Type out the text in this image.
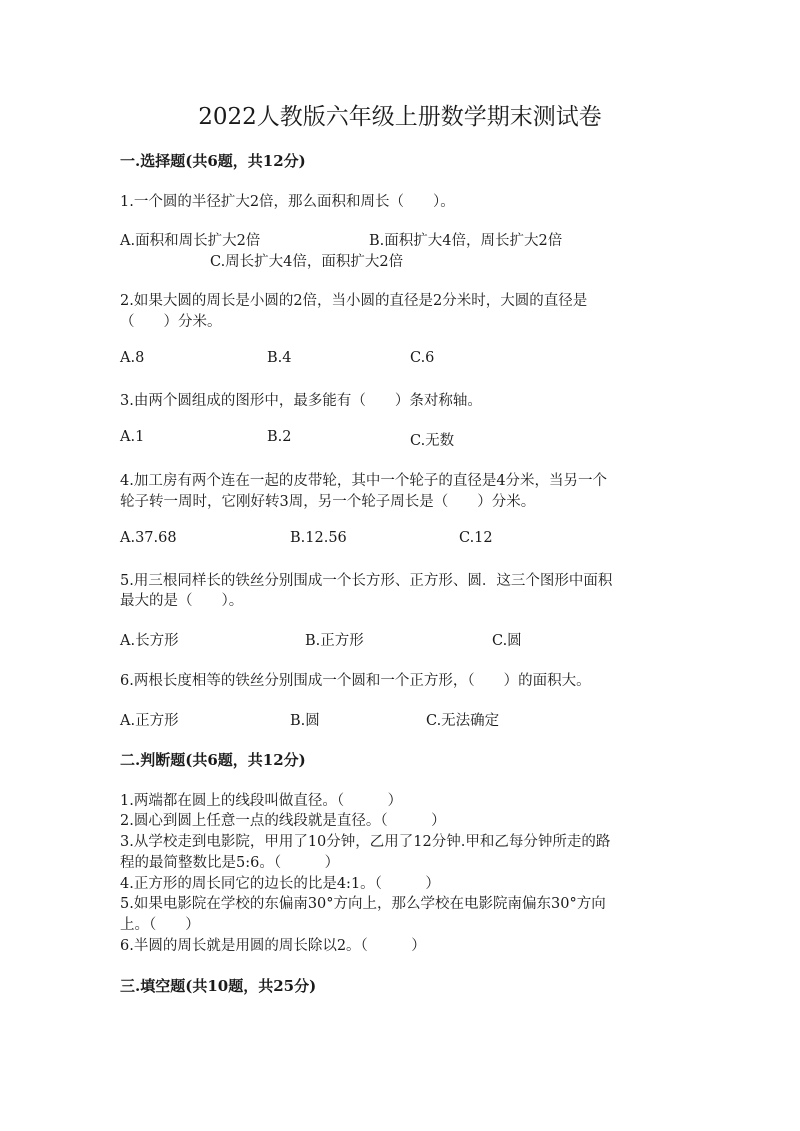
2022人教版六年级上册数学期末测试卷
一.选择题(共6题，共12分)
1.一个圆的半径扩大2倍，那么面积和周长（　　）。
A.面积和周长扩大2倍	B.面积扩大4倍，周长扩大2倍
C.周长扩大4倍，面积扩大2倍
2.如果大圆的周长是小圆的2倍，当小圆的直径是2分米时，大圆的直径是
（　　）分米。
A.8	B.4	C.6
3.由两个圆组成的图形中，最多能有（　　）条对称轴。
A.1	B.2	C.无数
4.加工房有两个连在一起的皮带轮，其中一个轮子的直径是4分米，当另一个
轮子转一周时，它刚好转3周，另一个轮子周长是（　　）分米。
A.37.68	B.12.56	C.12
5.用三根同样长的铁丝分别围成一个长方形、正方形、圆．这三个图形中面积
最大的是（　　）。
A.长方形	B.正方形	C.圆
6.两根长度相等的铁丝分别围成一个圆和一个正方形，（　　）的面积大。
A.正方形	B.圆	C.无法确定
二.判断题(共6题，共12分)
1.两端都在圆上的线段叫做直径。（　　　）
2.圆心到圆上任意一点的线段就是直径。（　　　）
3.从学校走到电影院，甲用了10分钟，乙用了12分钟.甲和乙每分钟所走的路
程的最简整数比是5:6。（　　　）
4.正方形的周长同它的边长的比是4:1。（　　　）
5.如果电影院在学校的东偏南30°方向上，那么学校在电影院南偏东30°方向
上。（　　）
6.半圆的周长就是用圆的周长除以2。（　　　）
三.填空题(共10题，共25分)
